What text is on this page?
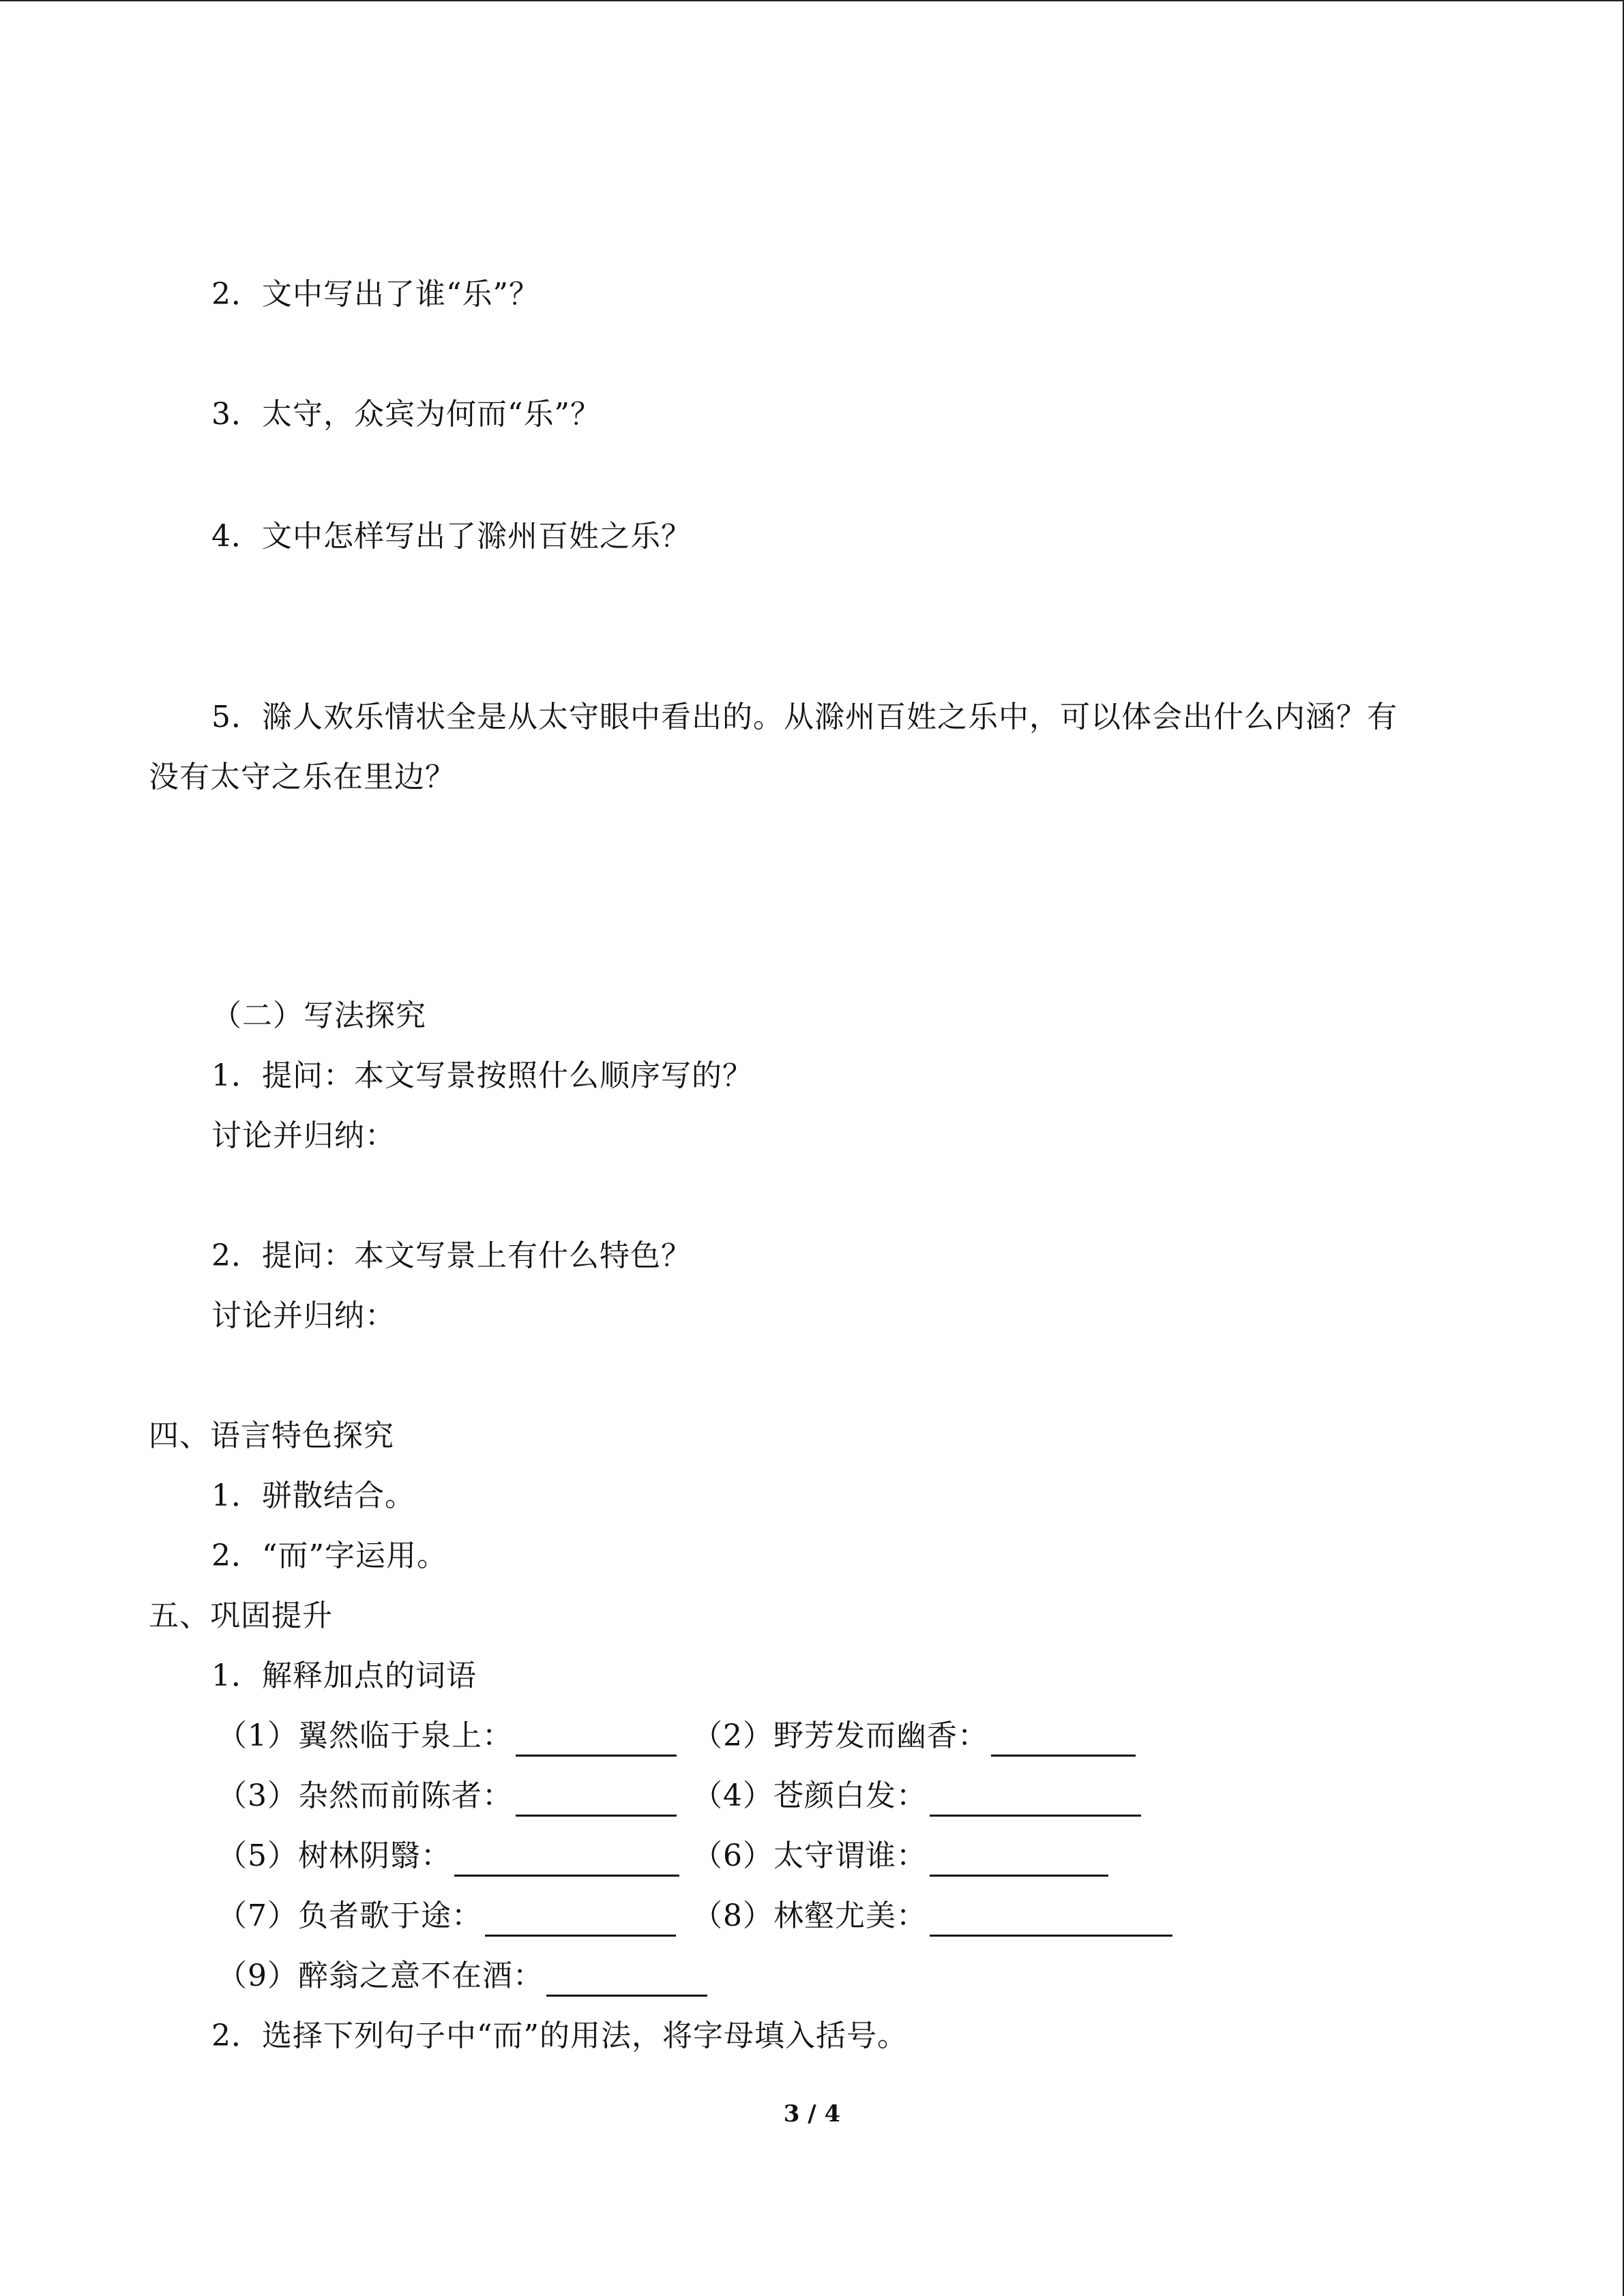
2．文中写出了谁“乐”？
3．太守，众宾为何而“乐”？
4．文中怎样写出了滁州百姓之乐？
5．滁人欢乐情状全是从太守眼中看出的。从滁州百姓之乐中，可以体会出什么内涵？有
没有太守之乐在里边？
（二）写法探究
1．提问：本文写景按照什么顺序写的？
讨论并归纳：
2．提问：本文写景上有什么特色？
讨论并归纳：
四、语言特色探究
1．骈散结合。
2．“而”字运用。
五、巩固提升
1．解释加点的词语
（1）翼然临于泉上：	（2）野芳发而幽香：
（3）杂然而前陈者：	（4）苍颜白发：
（5）树林阴翳：	（6）太守谓谁：
（7）负者歌于途：	（8）林壑尤美：
（9）醉翁之意不在酒：
2．选择下列句子中“而”的用法，将字母填入括号。
3 / 4
